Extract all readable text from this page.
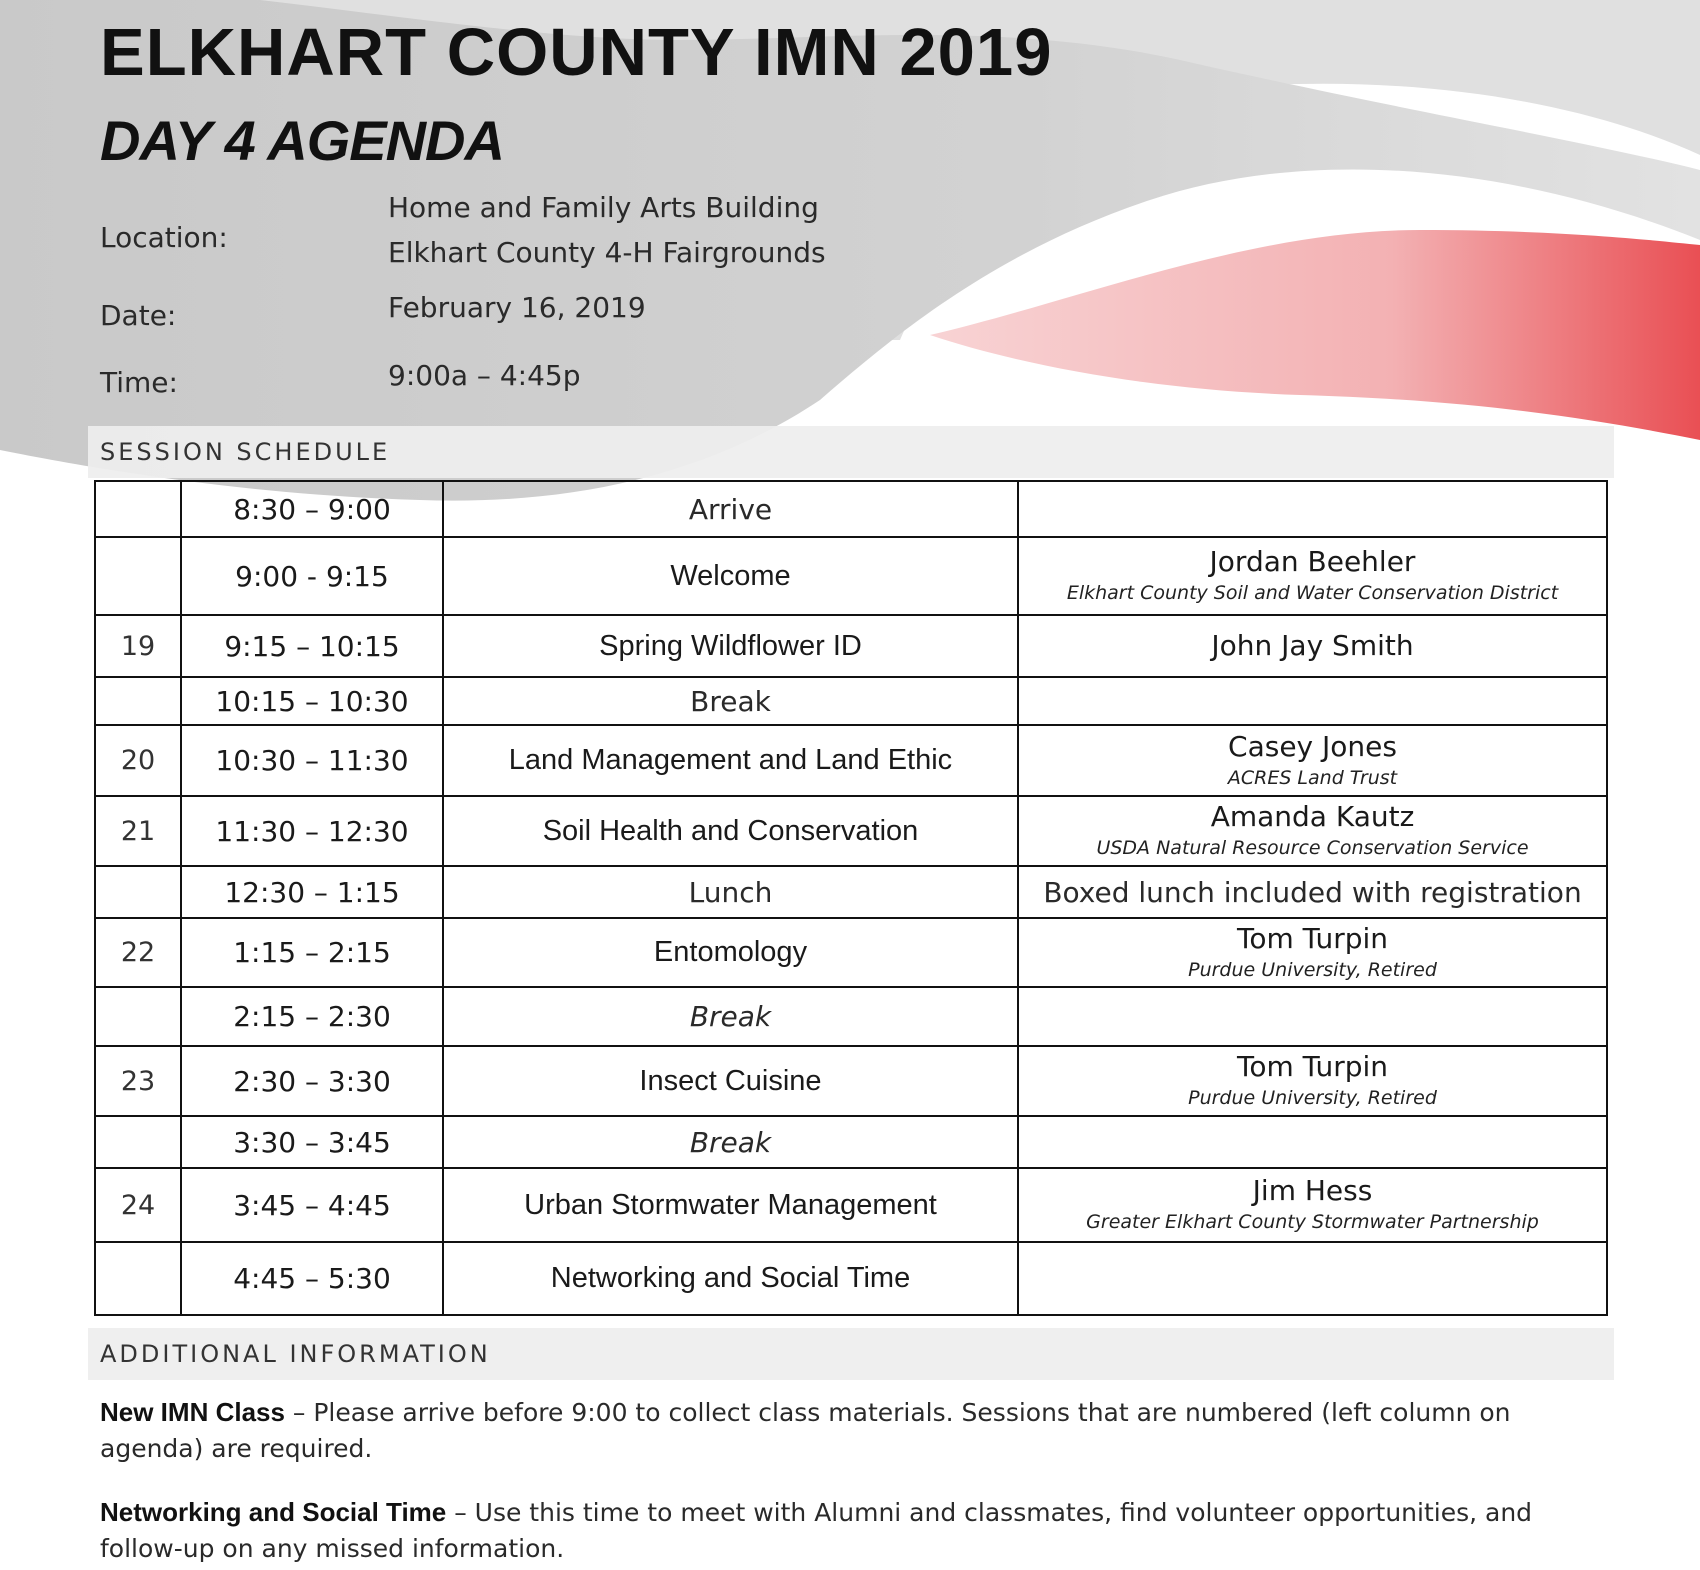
ELKHART COUNTY IMN 2019
DAY 4 AGENDA
Location:
Home and Family Arts Building
Elkhart County 4-H Fairgrounds
Date:	February 16, 2019
Time:	9:00a – 4:45p
SESSION SCHEDULE
	8:30 – 9:00	Arrive	
	9:00 - 9:15	Welcome	Jordan Beehler
Elkhart County Soil and Water Conservation District

19	9:15 – 10:15	Spring Wildflower ID	John Jay Smith

	10:15 – 10:30	Break	
20	10:30 – 11:30	Land Management and Land Ethic	Casey Jones
ACRES Land Trust

21	11:30 – 12:30	Soil Health and Conservation	Amanda Kautz
USDA Natural Resource Conservation Service

	12:30 – 1:15	Lunch	Boxed lunch included with registration
22	1:15 – 2:15	Entomology	Tom Turpin
Purdue University, Retired

	2:15 – 2:30	Break	
23	2:30 – 3:30	Insect Cuisine	Tom Turpin
Purdue University, Retired

	3:30 – 3:45	Break	
24	3:45 – 4:45	Urban Stormwater Management	Jim Hess
Greater Elkhart County Stormwater Partnership

	4:45 – 5:30	Networking and Social Time	
ADDITIONAL INFORMATION

New IMN Class – Please arrive before 9:00 to collect class materials. Sessions that are numbered (left column on agenda) are required.

Networking and Social Time – Use this time to meet with Alumni and classmates, find volunteer opportunities, and follow-up on any missed information.
